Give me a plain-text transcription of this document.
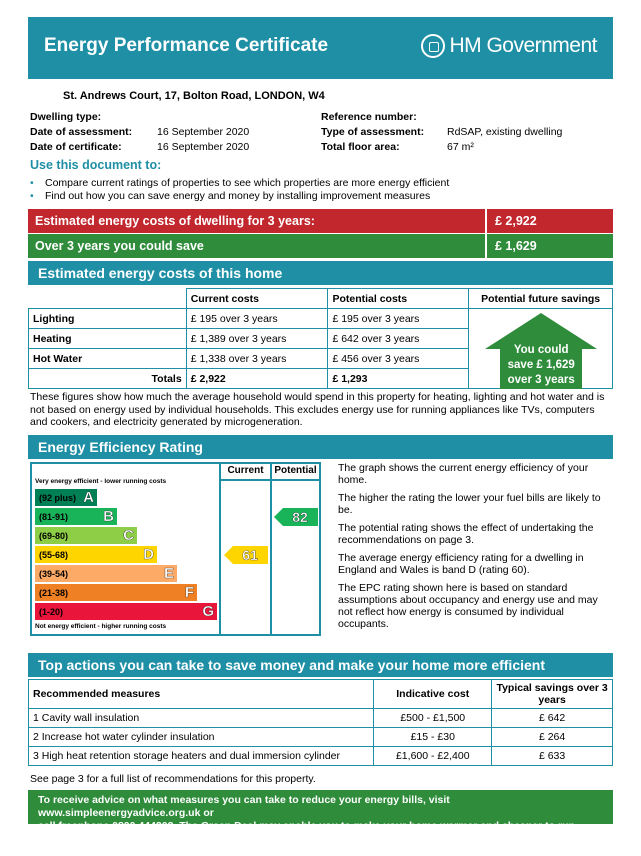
Energy Performance Certificate	HM Government
St. Andrews Court, 17, Bolton Road, LONDON, W4
Dwelling type:
Date of assessment: 16 September 2020
Date of certificate:	16 September 2020
Reference number:
Type of assessment: RdSAP, existing dwelling
Total floor area:	67 m²
Use this document to:
• Compare current ratings of properties to see which properties are more energy efficient
• Find out how you can save energy and money by installing improvement measures
Estimated energy costs of dwelling for 3 years:	£ 2,922
Over 3 years you could save	£ 1,629
Estimated energy costs of this home
	Current costs	Potential costs	Potential future savings
Lighting	£ 195 over 3 years	£ 195 over 3 years	You could
save £ 1,629
over 3 years

Heating	£ 1,389 over 3 years	£ 642 over 3 years	
Hot Water	£ 1,338 over 3 years	£ 456 over 3 years	
Totals	£ 2,922	£ 1,293	
These figures show how much the average household would spend in this property for heating, lighting and hot water and is not based on energy used by individual households. This excludes energy use for running appliances like TVs, computers and cookers, and electricity generated by microgeneration.
Energy Efficiency Rating
Current	Potential
Very energy efficient - lower running costs
Not energy efficient - higher running costs
(92 plus) A
(81-91) B
(69-80)	C
(55-68)	D
(39-54)	E
(21-38)	F
(1-20)	G
61
82

The graph shows the current energy efficiency of your home.

The higher the rating the lower your fuel bills are likely to be.

The potential rating shows the effect of undertaking the recommendations on page 3.

The average energy efficiency rating for a dwelling in England and Wales is band D (rating 60).

The EPC rating shown here is based on standard assumptions about occupancy and energy use and may not reflect how energy is consumed by individual occupants.

Top actions you can take to save money and make your home more efficient
Recommended measures	Indicative cost	Typical savings over 3 years
1 Cavity wall insulation	£500 - £1,500	£ 642
2 Increase hot water cylinder insulation	£15 - £30	£ 264
3 High heat retention storage heaters and dual immersion cylinder	£1,600 - £2,400	£ 633
See page 3 for a full list of recommendations for this property.
To receive advice on what measures you can take to reduce your energy bills, visit www.simpleenergyadvice.org.uk or
call freephone 0800 444202. The Green Deal may enable you to make your home warmer and cheaper to run.
